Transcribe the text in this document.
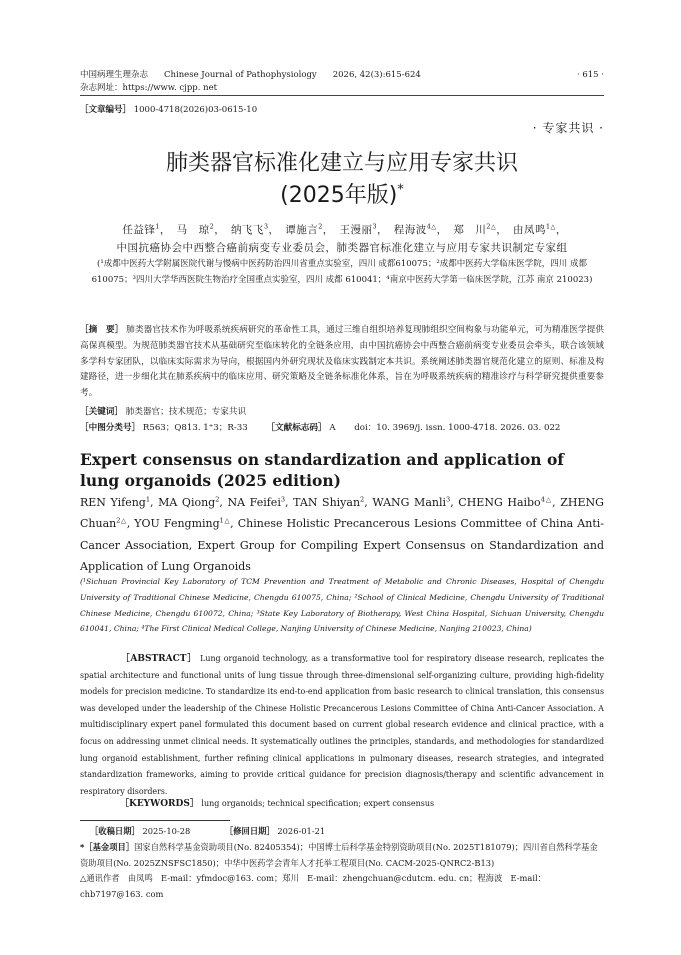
中国病理生理杂志 Chinese Journal of Pathophysiology 2026, 42(3):615-624
杂志网址：https://www. cjpp. net
· 615 ·
［文章编号］ 1000-4718(2026)03-0615-10
· 专家共识 ·
肺类器官标准化建立与应用专家共识
(2025年版)*
任益锋$^1$，　马　琼$^2$，　纳飞飞$^3$，　谭施言$^2$，　王漫丽$^3$，　程海波$^{4\triangle}$，　郑　川$^{2\triangle}$，　由凤鸣$^{1\triangle}$，　
中国抗癌协会中西整合癌前病变专业委员会，肺类器官标准化建立与应用专家共识制定专家组
(¹成都中医药大学附属医院代谢与慢病中医药防治四川省重点实验室，四川 成都610075；²成都中医药大学临床医学院，四川 成都 610075；³四川大学华西医院生物治疗全国重点实验室，四川 成都 610041；⁴南京中医药大学第一临床医学院，江苏 南京 210023)
［摘　要］ 肺类器官技术作为呼吸系统疾病研究的革命性工具，通过三维自组织培养复现肺组织空间构象与功能单元，可为精准医学提供高保真模型。为规范肺类器官技术从基础研究至临床转化的全链条应用，由中国抗癌协会中西整合癌前病变专业委员会牵头，联合该领域多学科专家团队，以临床实际需求为导向，根据国内外研究现状及临床实践制定本共识。系统阐述肺类器官规范化建立的原则、标准及构建路径，进一步细化其在肺系疾病中的临床应用、研究策略及全链条标准化体系，旨在为呼吸系统疾病的精准诊疗与科学研究提供重要参考。
［关键词］ 肺类器官；技术规范；专家共识
［中图分类号］ R563；Q813. 1⁺3；R-33 ［文献标志码］ A doi：10. 3969/j. issn. 1000-4718. 2026. 03. 022
Expert consensus on standardization and application of lung organoids (2025 edition)
REN Yifeng$^1$, MA Qiong$^2$, NA Feifei$^3$, TAN Shiyan$^2$, WANG Manli$^3$, CHENG Haibo$^{4\triangle}$, ZHENG Chuan$^{2\triangle}$, YOU Fengming$^{1\triangle}$, Chinese Holistic Precancerous Lesions Committee of China Anti-Cancer Association, Expert Group for Compiling Expert Consensus on Standardization and Application of Lung Organoids
(¹Sichuan Provincial Key Laboratory of TCM Prevention and Treatment of Metabolic and Chronic Diseases, Hospital of Chengdu University of Traditional Chinese Medicine, Chengdu 610075, China; ²School of Clinical Medicine, Chengdu University of Traditional Chinese Medicine, Chengdu 610072, China; ³State Key Laboratory of Biotherapy, West China Hospital, Sichuan University, Chengdu 610041, China; ⁴The First Clinical Medical College, Nanjing University of Chinese Medicine, Nanjing 210023, China)
［ABSTRACT］ Lung organoid technology, as a transformative tool for respiratory disease research, replicates the spatial architecture and functional units of lung tissue through three-dimensional self-organizing culture, providing high-fidelity models for precision medicine. To standardize its end-to-end application from basic research to clinical translation, this consensus was developed under the leadership of the Chinese Holistic Precancerous Lesions Committee of China Anti-Cancer Association. A multidisciplinary expert panel formulated this document based on current global research evidence and clinical practice, with a focus on addressing unmet clinical needs. It systematically outlines the principles, standards, and methodologies for standardized lung organoid establishment, further refining clinical applications in pulmonary diseases, research strategies, and integrated standardization frameworks, aiming to provide critical guidance for precision diagnosis/therapy and scientific advancement in respiratory disorders.
［KEYWORDS］ lung organoids; technical specification; expert consensus
［收稿日期］ 2025-10-28	［修回日期］ 2026-01-21
*［基金项目］国家自然科学基金资助项目(No. 82405354)；中国博士后科学基金特别资助项目(No. 2025T181079)；四川省自然科学基金资助项目(No. 2025ZNSFSC1850)；中华中医药学会青年人才托举工程项目(No. CACM-2025-QNRC2-B13)
△通讯作者　由凤鸣　E-mail：yfmdoc@163. com；郑川　E-mail：zhengchuan@cdutcm. edu. cn；程海波　E-mail：chb7197@163. com
